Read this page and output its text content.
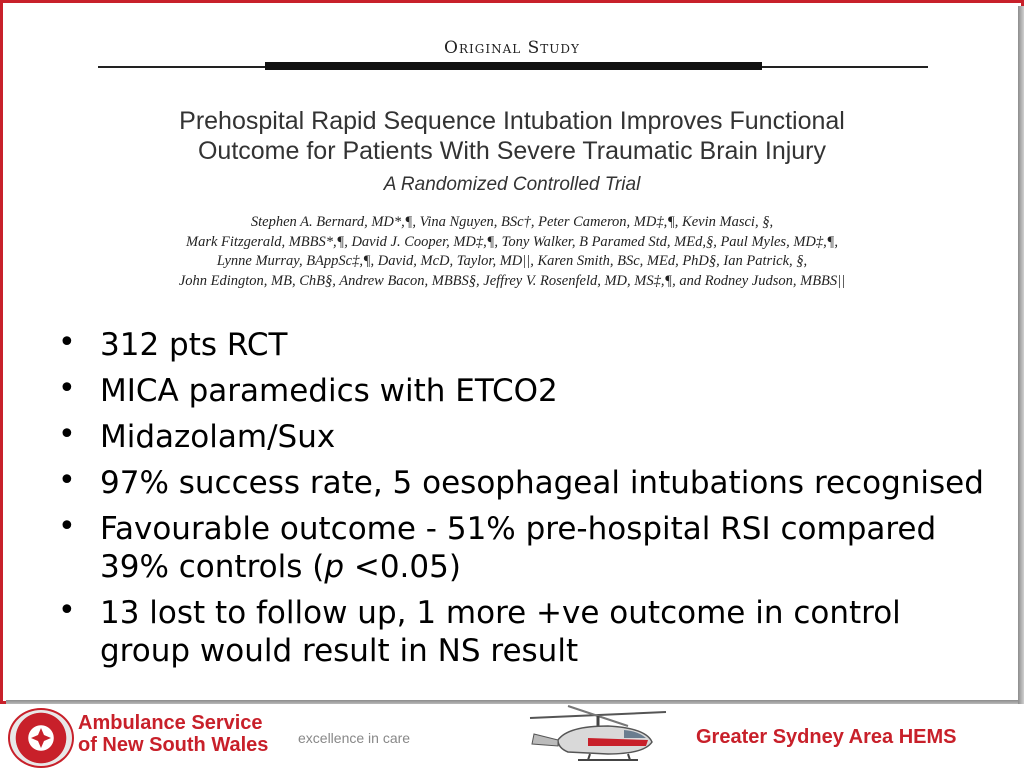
Original Study
Prehospital Rapid Sequence Intubation Improves Functional
Outcome for Patients With Severe Traumatic Brain Injury
A Randomized Controlled Trial
Stephen A. Bernard, MD*,¶, Vina Nguyen, BSc†, Peter Cameron, MD‡,¶, Kevin Masci, §,
Mark Fitzgerald, MBBS*,¶, David J. Cooper, MD‡,¶, Tony Walker, B Paramed Std, MEd,§, Paul Myles, MD‡,¶,
Lynne Murray, BAppSc‡,¶, David, McD, Taylor, MD||, Karen Smith, BSc, MEd, PhD§, Ian Patrick, §,
John Edington, MB, ChB§, Andrew Bacon, MBBS§, Jeffrey V. Rosenfeld, MD, MS‡,¶, and Rodney Judson, MBBS||
• 312 pts RCT
• MICA paramedics with ETCO2
• Midazolam/Sux
• 97% success rate, 5 oesophageal intubations recognised
• Favourable outcome - 51% pre-hospital RSI compared 39% controls (p <0.05)
• 13 lost to follow up, 1 more +ve outcome in control group would result in NS result
Ambulance Service
of New South Wales excellence in care	Greater Sydney Area HEMS
